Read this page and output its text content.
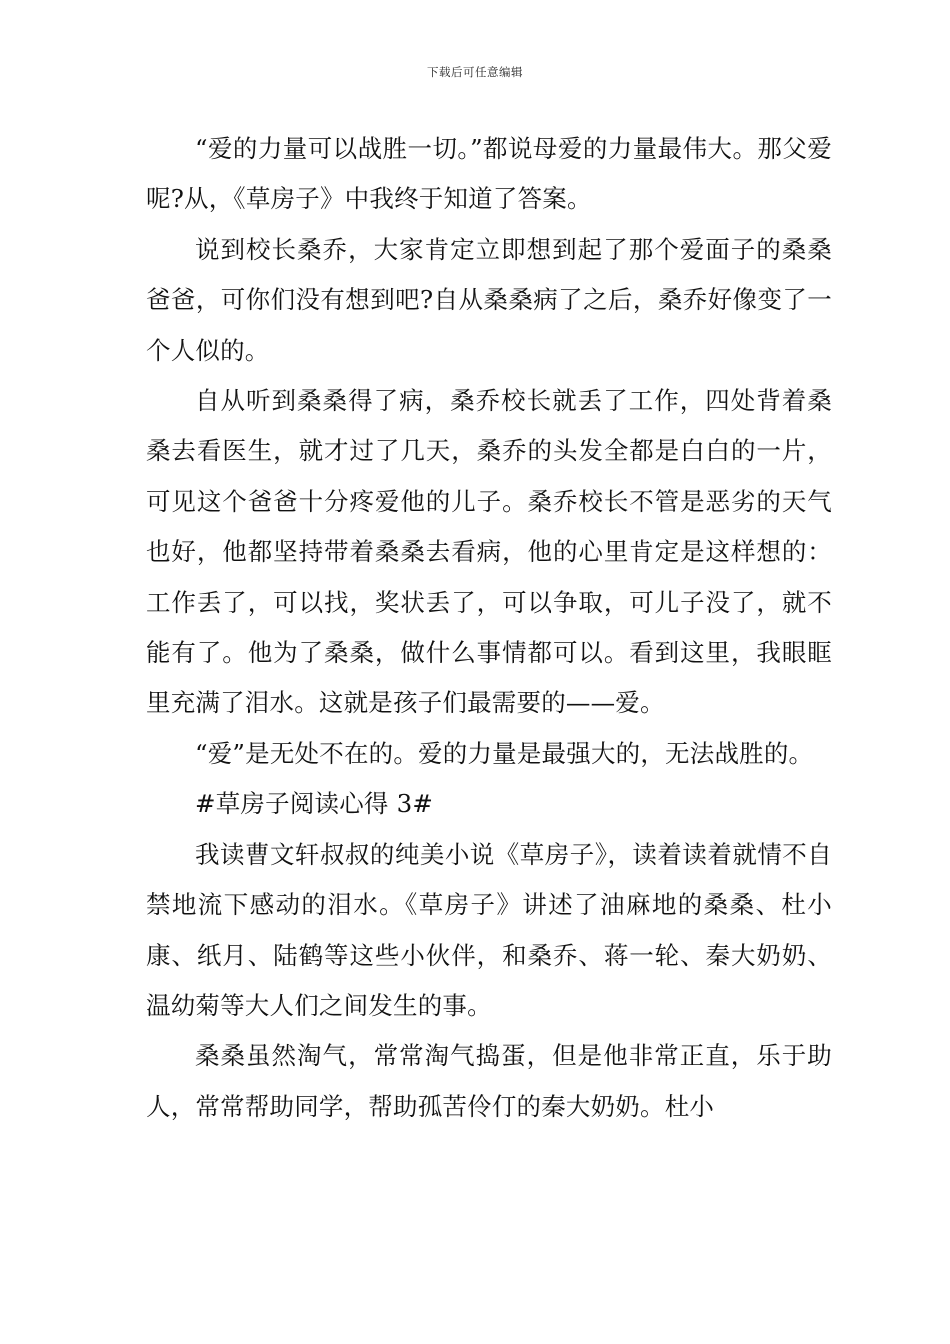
下载后可任意编辑

“爱的力量可以战胜一切。”都说母爱的力量最伟大。那父爱呢?从，《草房子》中我终于知道了答案。

说到校长桑乔，大家肯定立即想到起了那个爱面子的桑桑爸爸，可你们没有想到吧?自从桑桑病了之后，桑乔好像变了一个人似的。

自从听到桑桑得了病，桑乔校长就丢了工作，四处背着桑桑去看医生，就才过了几天，桑乔的头发全都是白白的一片，可见这个爸爸十分疼爱他的儿子。桑乔校长不管是恶劣的天气也好，他都坚持带着桑桑去看病，他的心里肯定是这样想的：工作丢了，可以找，奖状丢了，可以争取，可儿子没了，就不能有了。他为了桑桑，做什么事情都可以。看到这里，我眼眶里充满了泪水。这就是孩子们最需要的——爱。

“爱”是无处不在的。爱的力量是最强大的，无法战胜的。

#草房子阅读心得 3#

我读曹文轩叔叔的纯美小说《草房子》，读着读着就情不自禁地流下感动的泪水。《草房子》讲述了油麻地的桑桑、杜小康、纸月、陆鹤等这些小伙伴，和桑乔、蒋一轮、秦大奶奶、温幼菊等大人们之间发生的事。

桑桑虽然淘气，常常淘气捣蛋，但是他非常正直，乐于助人，常常帮助同学，帮助孤苦伶仃的秦大奶奶。杜小
